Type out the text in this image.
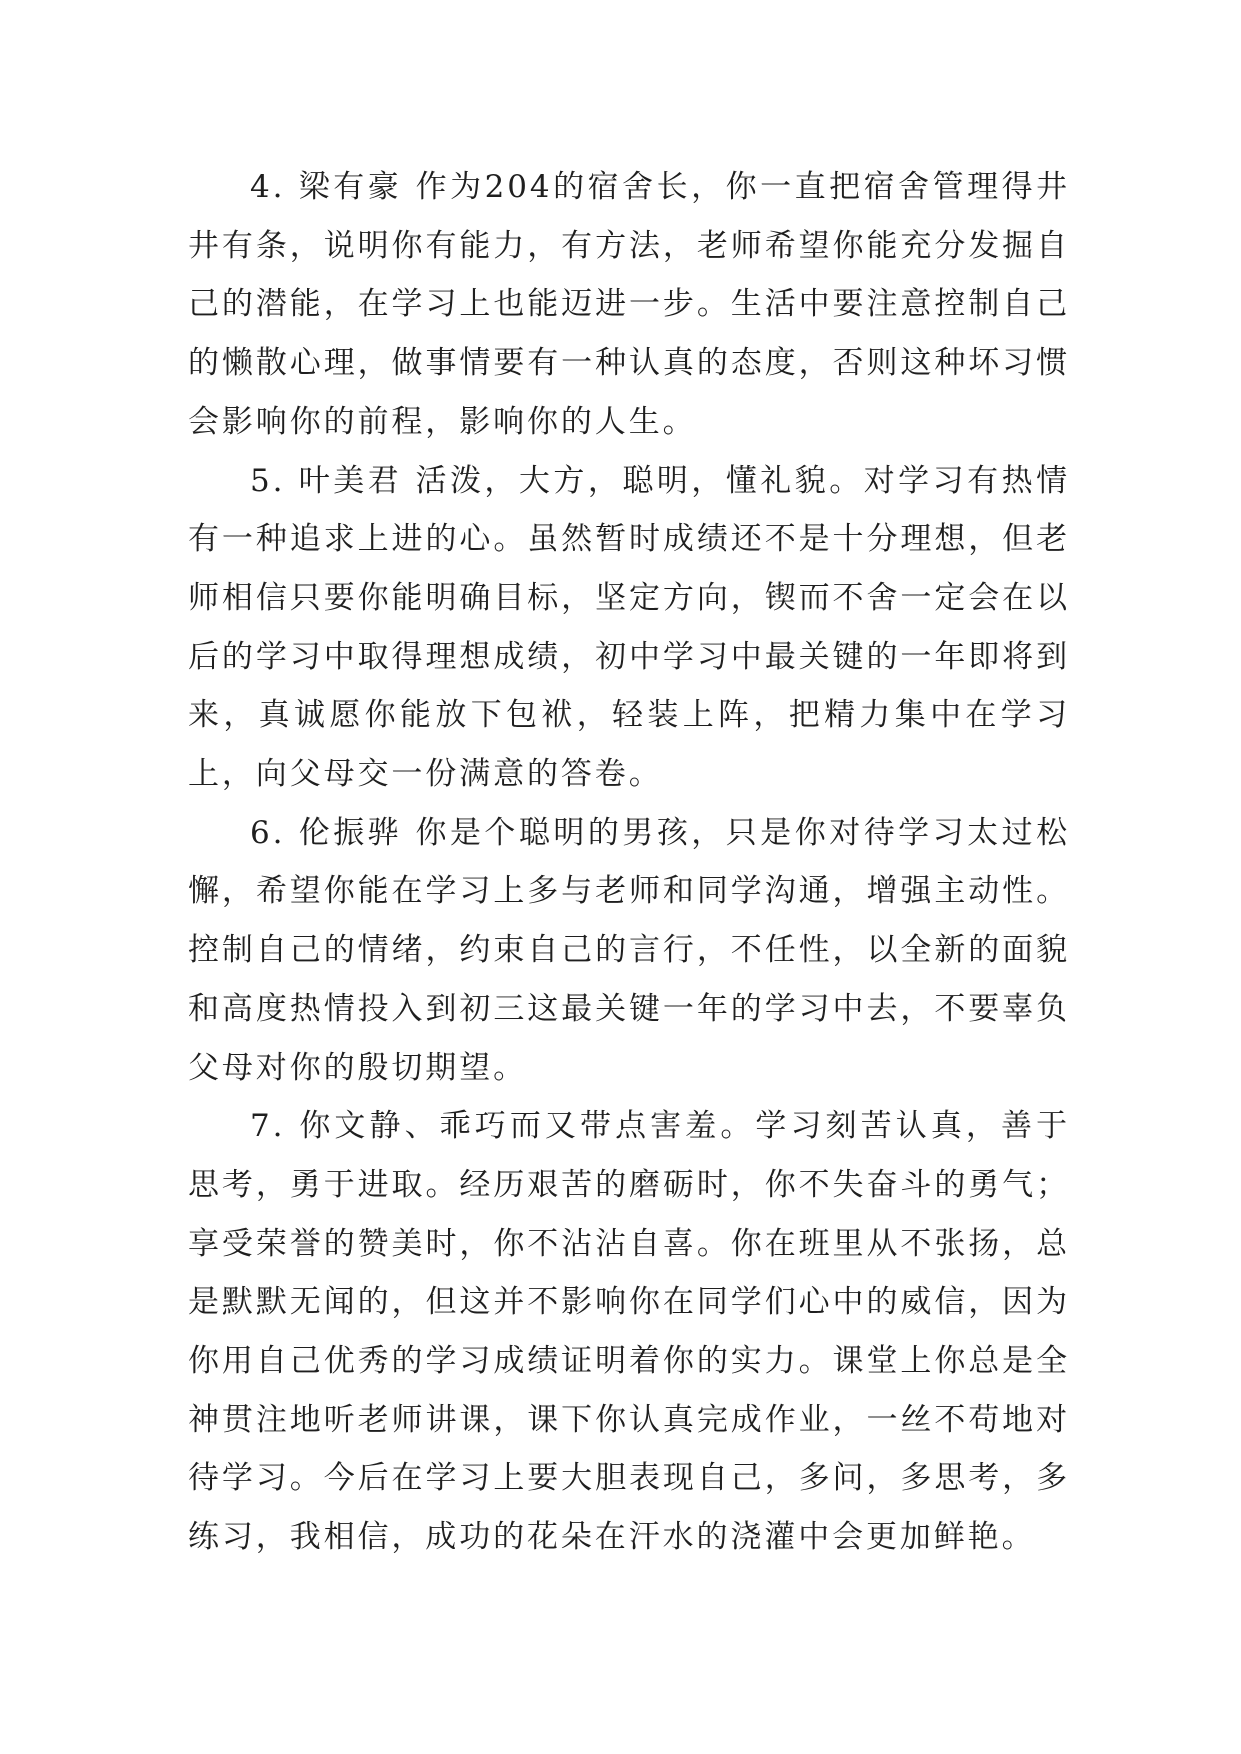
4. 梁有豪 作为204的宿舍长，你一直把宿舍管理得井井有条，说明你有能力，有方法，老师希望你能充分发掘自己的潜能，在学习上也能迈进一步。生活中要注意控制自己的懒散心理，做事情要有一种认真的态度，否则这种坏习惯会影响你的前程，影响你的人生。

5. 叶美君 活泼，大方，聪明，懂礼貌。对学习有热情有一种追求上进的心。虽然暂时成绩还不是十分理想，但老师相信只要你能明确目标，坚定方向，锲而不舍一定会在以后的学习中取得理想成绩，初中学习中最关键的一年即将到来，真诚愿你能放下包袱，轻装上阵，把精力集中在学习上，向父母交一份满意的答卷。

6. 伦振骅 你是个聪明的男孩，只是你对待学习太过松懈，希望你能在学习上多与老师和同学沟通，增强主动性。控制自己的情绪，约束自己的言行，不任性，以全新的面貌和高度热情投入到初三这最关键一年的学习中去，不要辜负父母对你的殷切期望。

7. 你文静、乖巧而又带点害羞。学习刻苦认真，善于思考，勇于进取。经历艰苦的磨砺时，你不失奋斗的勇气；享受荣誉的赞美时，你不沾沾自喜。你在班里从不张扬，总是默默无闻的，但这并不影响你在同学们心中的威信，因为你用自己优秀的学习成绩证明着你的实力。课堂上你总是全神贯注地听老师讲课，课下你认真完成作业，一丝不苟地对待学习。今后在学习上要大胆表现自己，多问，多思考，多练习，我相信，成功的花朵在汗水的浇灌中会更加鲜艳。
